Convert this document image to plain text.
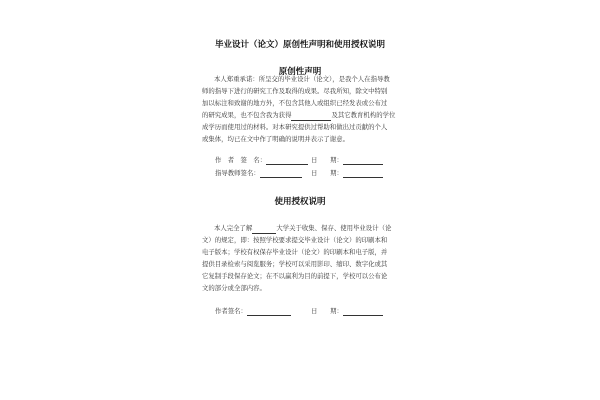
毕业设计（论文）原创性声明和使用授权说明
原创性声明
本人郑重承诺：所呈交的毕业设计（论文），是我个人在指导教
师的指导下进行的研究工作及取得的成果。尽我所知，除文中特别
加以标注和致谢的地方外，不包含其他人或组织已经发表或公布过
的研究成果，也不包含我为获得	及其它教育机构的学位
成学历而使用过的材料。对本研究提供过帮助和做出过贡献的个人
或集体，均已在文中作了明确的说明并表示了谢意。
作　者　签　名：	日　　期：
指导教师签名：	日　　期：
使用授权说明
本人完全了解	大学关于收集、保存、使用毕业设计（论
文）的规定，即：按照学校要求提交毕业设计（论文）的印刷本和
电子版本；学校有权保存毕业设计（论文）的印刷本和电子版，并
提供目录检索与阅览服务；学校可以采用影印、缩印、数字化或其
它复制手段保存论文；在不以赢利为目的前提下，学校可以公布论
文的部分或全部内容。
作者签名：	日　　期：
